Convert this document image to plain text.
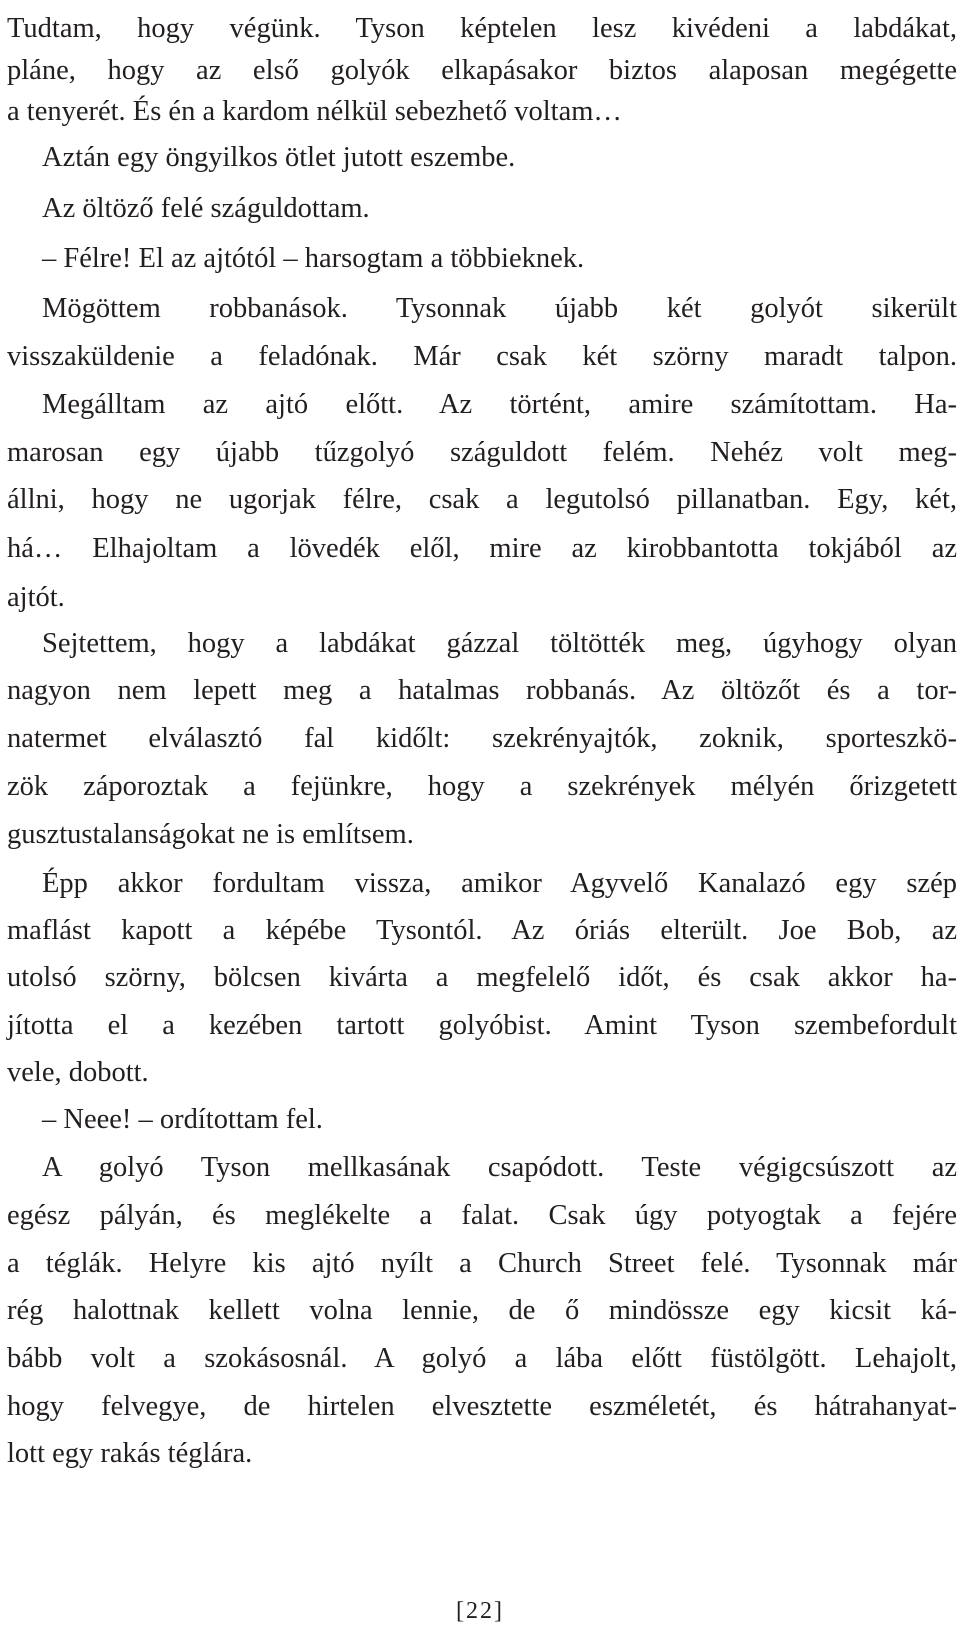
Tudtam, hogy végünk. Tyson képtelen lesz kivédeni a labdákat,
pláne, hogy az első golyók elkapásakor biztos alaposan megégette
a tenyerét. És én a kardom nélkül sebezhető voltam…
Aztán egy öngyilkos ötlet jutott eszembe.
Az öltöző felé száguldottam.
– Félre! El az ajtótól – harsogtam a többieknek.
Mögöttem robbanások. Tysonnak újabb két golyót sikerült
visszaküldenie a feladónak. Már csak két szörny maradt talpon.
Megálltam az ajtó előtt. Az történt, amire számítottam. Ha-
marosan egy újabb tűzgolyó száguldott felém. Nehéz volt meg-
állni, hogy ne ugorjak félre, csak a legutolsó pillanatban. Egy, két,
há… Elhajoltam a lövedék elől, mire az kirobbantotta tokjából az
ajtót.
Sejtettem, hogy a labdákat gázzal töltötték meg, úgyhogy olyan
nagyon nem lepett meg a hatalmas robbanás. Az öltözőt és a tor-
natermet elválasztó fal kidőlt: szekrényajtók, zoknik, sporteszkö-
zök záporoztak a fejünkre, hogy a szekrények mélyén őrizgetett
gusztustalanságokat ne is említsem.
Épp akkor fordultam vissza, amikor Agyvelő Kanalazó egy szép
maflást kapott a képébe Tysontól. Az óriás elterült. Joe Bob, az
utolsó szörny, bölcsen kivárta a megfelelő időt, és csak akkor ha-
jította el a kezében tartott golyóbist. Amint Tyson szembefordult
vele, dobott.
– Neee! – ordítottam fel.
A golyó Tyson mellkasának csapódott. Teste végigcsúszott az
egész pályán, és meglékelte a falat. Csak úgy potyogtak a fejére
a téglák. Helyre kis ajtó nyílt a Church Street felé. Tysonnak már
rég halottnak kellett volna lennie, de ő mindössze egy kicsit ká-
bább volt a szokásosnál. A golyó a lába előtt füstölgött. Lehajolt,
hogy felvegye, de hirtelen elvesztette eszméletét, és hátrahanyat-
lott egy rakás téglára.
[22]
